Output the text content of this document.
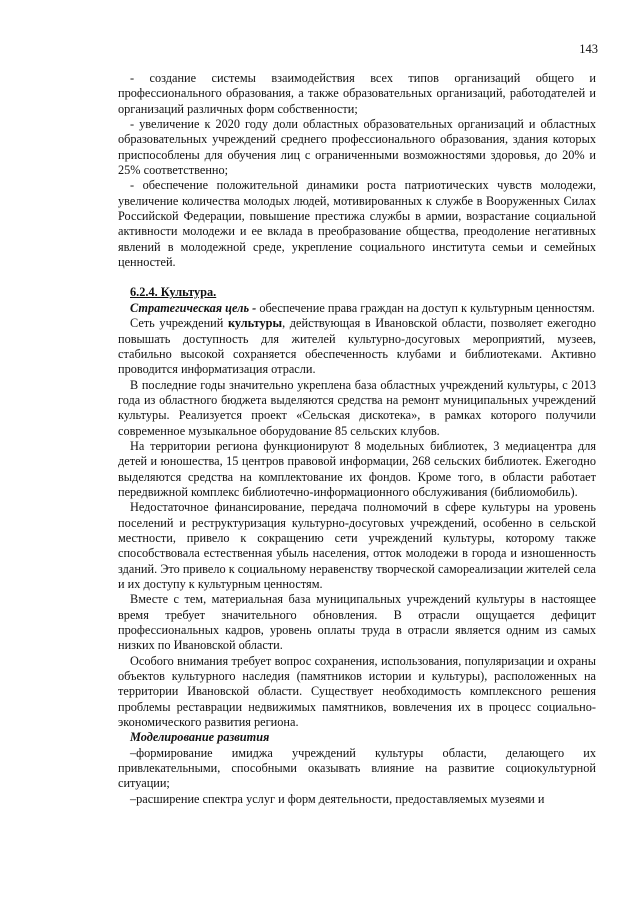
143

- создание системы взаимодействия всех типов организаций общего и профессионального образования, а также образовательных организаций, работодателей и организаций различных форм собственности;

- увеличение к 2020 году доли областных образовательных организаций и областных образовательных учреждений среднего профессионального образования, здания которых приспособлены для обучения лиц с ограниченными возможностями здоровья, до 20% и 25% соответственно;

- обеспечение положительной динамики роста патриотических чувств молодежи, увеличение количества молодых людей, мотивированных к службе в Вооруженных Силах Российской Федерации, повышение престижа службы в армии, возрастание социальной активности молодежи и ее вклада в преобразование общества, преодоление негативных явлений в молодежной среде, укрепление социального института семьи и семейных ценностей.

6.2.4. Культура.

Стратегическая цель - обеспечение права граждан на доступ к культурным ценностям.

Сеть учреждений культуры, действующая в Ивановской области, позволяет ежегодно повышать доступность для жителей культурно-досуговых мероприятий, музеев, стабильно высокой сохраняется обеспеченность клубами и библиотеками. Активно проводится информатизация отрасли.

В последние годы значительно укреплена база областных учреждений культуры, с 2013 года из областного бюджета выделяются средства на ремонт муниципальных учреждений культуры. Реализуется проект «Сельская дискотека», в рамках которого получили современное музыкальное оборудование 85 сельских клубов.

На территории региона функционируют 8 модельных библиотек, 3 медиацентра для детей и юношества, 15 центров правовой информации, 268 сельских библиотек. Ежегодно выделяются средства на комплектование их фондов. Кроме того, в области работает передвижной комплекс библиотечно-информационного обслуживания (библиомобиль).

Недостаточное финансирование, передача полномочий в сфере культуры на уровень поселений и реструктуризация культурно-досуговых учреждений, особенно в сельской местности, привело к сокращению сети учреждений культуры, которому также способствовала естественная убыль населения, отток молодежи в города и изношенность зданий. Это привело к социальному неравенству творческой самореализации жителей села и их доступу к культурным ценностям.

Вместе с тем, материальная база муниципальных учреждений культуры в настоящее время требует значительного обновления. В отрасли ощущается дефицит профессиональных кадров, уровень оплаты труда в отрасли является одним из самых низких по Ивановской области.

Особого внимания требует вопрос сохранения, использования, популяризации и охраны объектов культурного наследия (памятников истории и культуры), расположенных на территории Ивановской области. Существует необходимость комплексного решения проблемы реставрации недвижимых памятников, вовлечения их в процесс социально-экономического развития региона.

Моделирование развития

–формирование имиджа учреждений культуры области, делающего их привлекательными, способными оказывать влияние на развитие социокультурной ситуации;

–расширение спектра услуг и форм деятельности, предоставляемых музеями и
